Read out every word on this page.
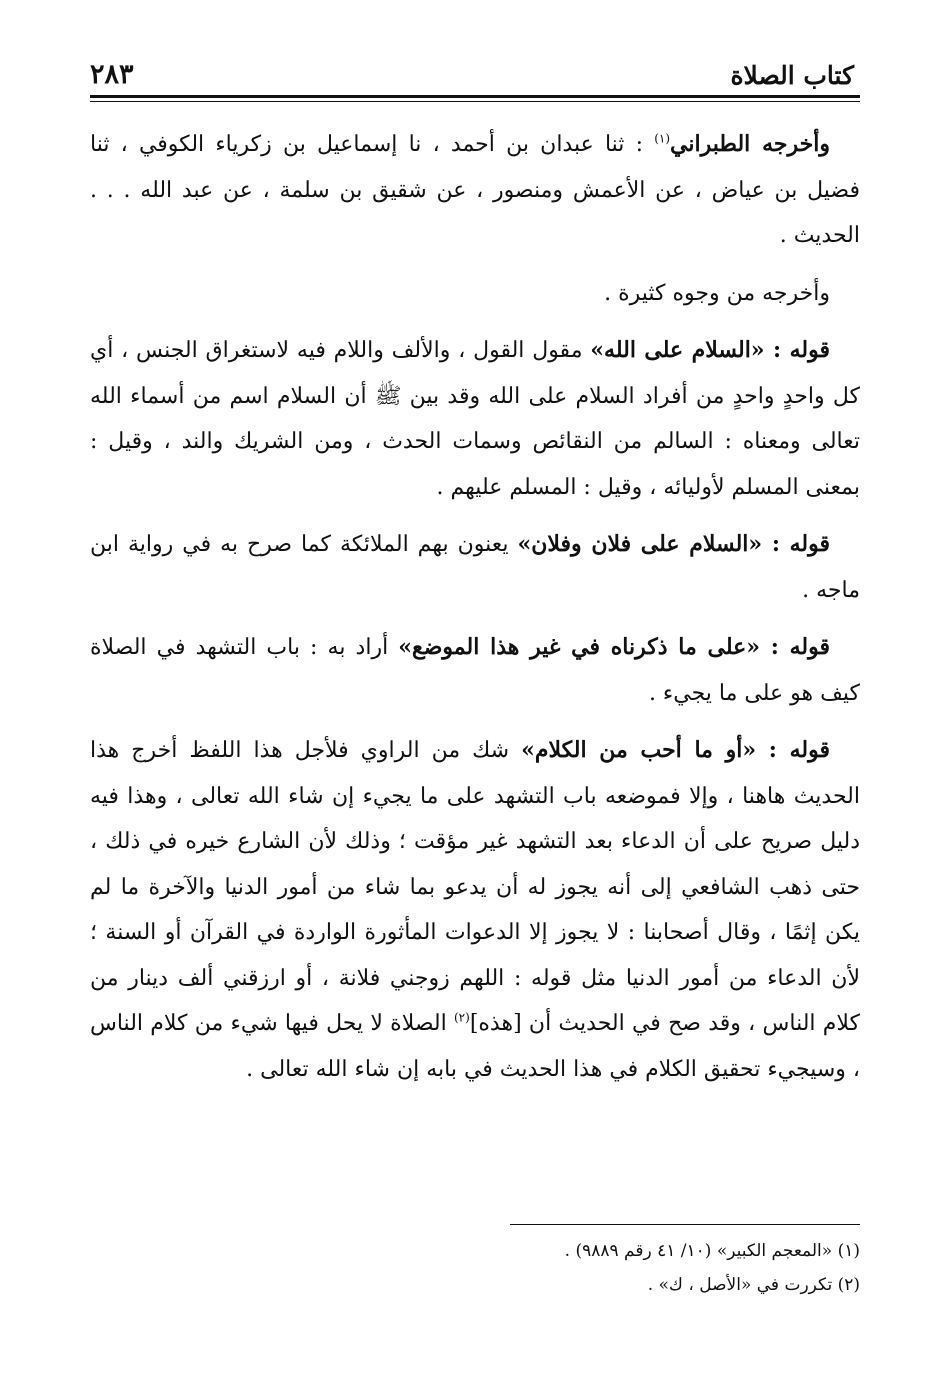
٢٨٣	كتاب الصلاة

وأخرجه الطبراني$^{(١)}$ : ثنا عبدان بن أحمد ، نا إسماعيل بن زكرياء الكوفي ، ثنا فضيل بن عياض ، عن الأعمش ومنصور ، عن شقيق بن سلمة ، عن عبد الله . . . الحديث .

وأخرجه من وجوه كثيرة .

قوله : «السلام على الله» مقول القول ، والألف واللام فيه لاستغراق الجنس ، أي كل واحدٍ واحدٍ من أفراد السلام على الله وقد بين ﷺ أن السلام اسم من أسماء الله تعالى ومعناه : السالم من النقائص وسمات الحدث ، ومن الشريك والند ، وقيل : بمعنى المسلم لأوليائه ، وقيل : المسلم عليهم .

قوله : «السلام على فلان وفلان» يعنون بهم الملائكة كما صرح به في رواية ابن ماجه .

قوله : «على ما ذكرناه في غير هذا الموضع» أراد به : باب التشهد في الصلاة كيف هو على ما يجيء .

قوله : «أو ما أحب من الكلام» شك من الراوي فلأجل هذا اللفظ أخرج هذا الحديث هاهنا ، وإلا فموضعه باب التشهد على ما يجيء إن شاء الله تعالى ، وهذا فيه دليل صريح على أن الدعاء بعد التشهد غير مؤقت ؛ وذلك لأن الشارع خيره في ذلك ، حتى ذهب الشافعي إلى أنه يجوز له أن يدعو بما شاء من أمور الدنيا والآخرة ما لم يكن إثمًا ، وقال أصحابنا : لا يجوز إلا الدعوات المأثورة الواردة في القرآن أو السنة ؛ لأن الدعاء من أمور الدنيا مثل قوله : اللهم زوجني فلانة ، أو ارزقني ألف دينار من كلام الناس ، وقد صح في الحديث أن [هذه]$^{(٢)}$ الصلاة لا يحل فيها شيء من كلام الناس ، وسيجيء تحقيق الكلام في هذا الحديث في بابه إن شاء الله تعالى .

(١) «المعجم الكبير» (١٠/ ٤١ رقم ٩٨٨٩) .
(٢) تكررت في «الأصل ، ك» .
